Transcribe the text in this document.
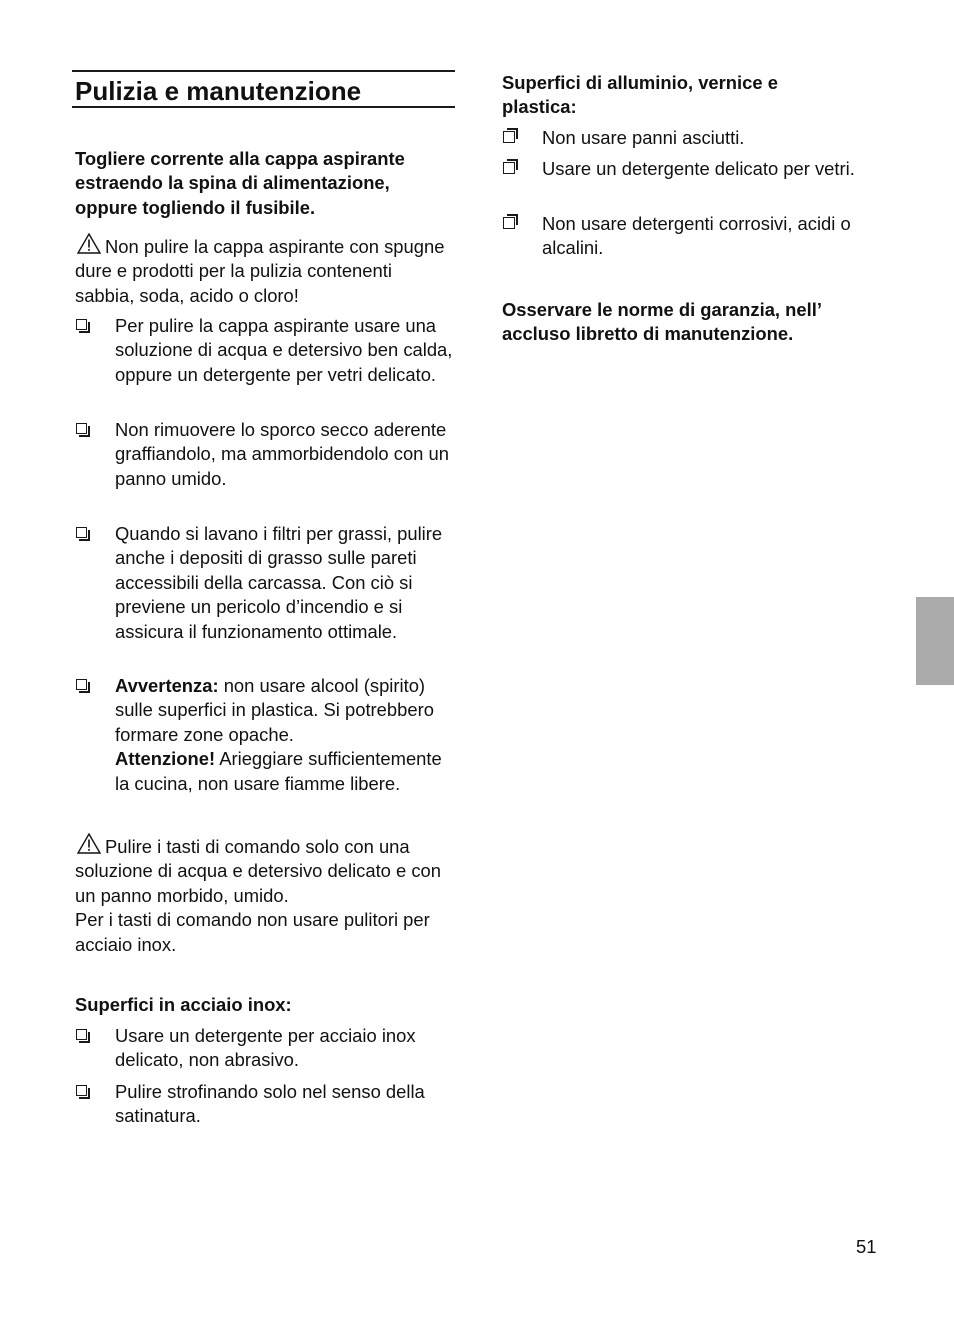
Pulizia e manutenzione

Togliere corrente alla cappa aspirante estraendo la spina di alimentazione, oppure togliendo il fusibile.

Non pulire la cappa aspirante con spugne dure e prodotti per la pulizia contenenti sabbia, soda, acido o cloro!

Per pulire la cappa aspirante usare una soluzione di acqua e detersivo ben calda, oppure un detergente per vetri delicato.

Non rimuovere lo sporco secco aderente graffiandolo, ma ammorbidendolo con un panno umido.

Quando si lavano i filtri per grassi, pulire anche i depositi di grasso sulle pareti accessibili della carcassa. Con ciò si previene un pericolo d’incendio e si assicura il funzionamento ottimale.

Avvertenza: non usare alcool (spirito) sulle superfici in plastica. Si potrebbero formare zone opache.
Attenzione! Arieggiare sufficientemente la cucina, non usare fiamme libere.

Pulire i tasti di comando solo con una soluzione di acqua e detersivo delicato e con un panno morbido, umido.
Per i tasti di comando non usare pulitori per acciaio inox.

Superfici in acciaio inox:

Usare un detergente per acciaio inox delicato, non abrasivo.

Pulire strofinando solo nel senso della satinatura.

Superfici di alluminio, vernice e plastica:

Non usare panni asciutti.

Usare un detergente delicato per vetri.

Non usare detergenti corrosivi, acidi o alcalini.

Osservare le norme di garanzia, nell’ accluso libretto di manutenzione.

51
